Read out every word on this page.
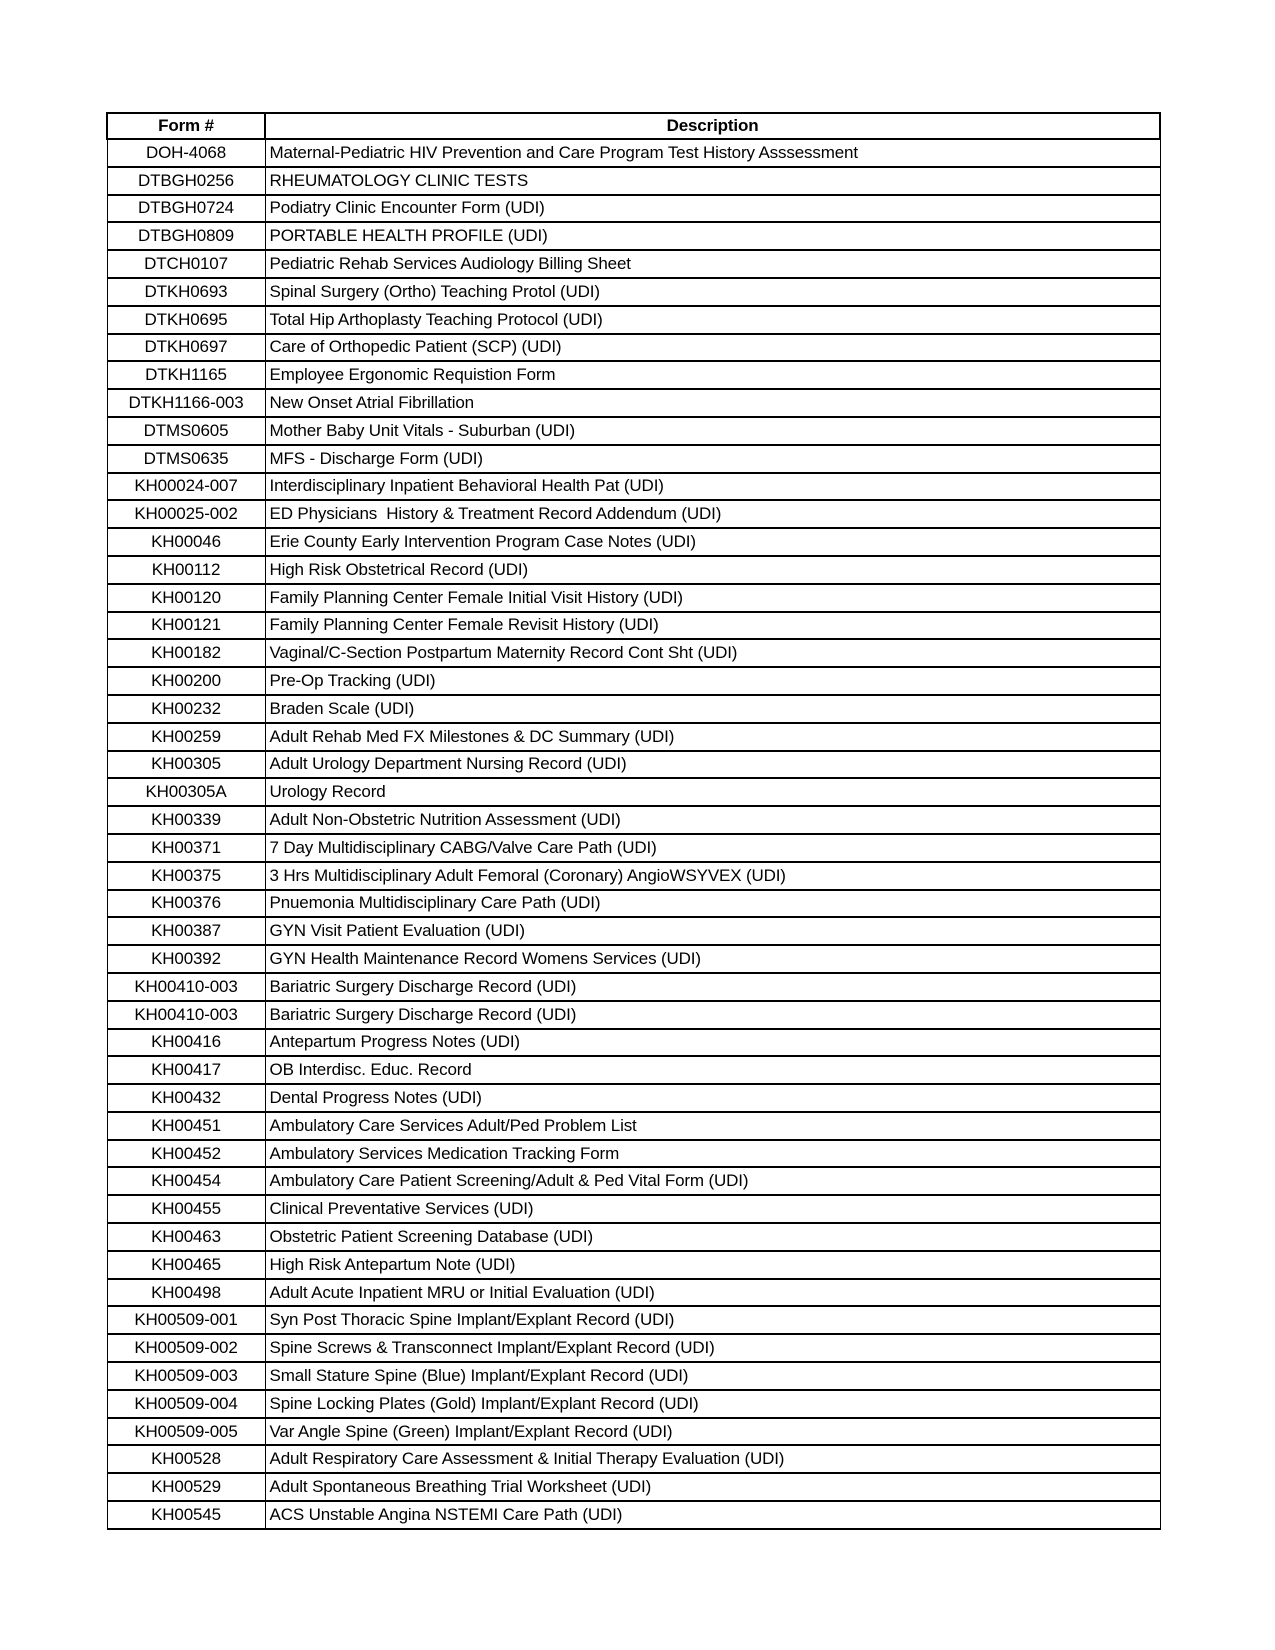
Form #	Description
DOH-4068	Maternal-Pediatric HIV Prevention and Care Program Test History Asssessment
DTBGH0256	RHEUMATOLOGY CLINIC TESTS
DTBGH0724	Podiatry Clinic Encounter Form (UDI)
DTBGH0809	PORTABLE HEALTH PROFILE (UDI)
DTCH0107	Pediatric Rehab Services Audiology Billing Sheet
DTKH0693	Spinal Surgery (Ortho) Teaching Protol (UDI)
DTKH0695	Total Hip Arthoplasty Teaching Protocol (UDI)
DTKH0697	Care of Orthopedic Patient (SCP) (UDI)
DTKH1165	Employee Ergonomic Requistion Form
DTKH1166-003	New Onset Atrial Fibrillation
DTMS0605	Mother Baby Unit Vitals - Suburban (UDI)
DTMS0635	MFS - Discharge Form (UDI)
KH00024-007	Interdisciplinary Inpatient Behavioral Health Pat (UDI)
KH00025-002	ED Physicians  History & Treatment Record Addendum (UDI)
KH00046	Erie County Early Intervention Program Case Notes (UDI)
KH00112	High Risk Obstetrical Record (UDI)
KH00120	Family Planning Center Female Initial Visit History (UDI)
KH00121	Family Planning Center Female Revisit History (UDI)
KH00182	Vaginal/C-Section Postpartum Maternity Record Cont Sht (UDI)
KH00200	Pre-Op Tracking (UDI)
KH00232	Braden Scale (UDI)
KH00259	Adult Rehab Med FX Milestones & DC Summary (UDI)
KH00305	Adult Urology Department Nursing Record (UDI)
KH00305A	Urology Record
KH00339	Adult Non-Obstetric Nutrition Assessment (UDI)
KH00371	7 Day Multidisciplinary CABG/Valve Care Path (UDI)
KH00375	3 Hrs Multidisciplinary Adult Femoral (Coronary) AngioWSYVEX (UDI)
KH00376	Pnuemonia Multidisciplinary Care Path (UDI)
KH00387	GYN Visit Patient Evaluation (UDI)
KH00392	GYN Health Maintenance Record Womens Services (UDI)
KH00410-003	Bariatric Surgery Discharge Record (UDI)
KH00410-003	Bariatric Surgery Discharge Record (UDI)
KH00416	Antepartum Progress Notes (UDI)
KH00417	OB Interdisc. Educ. Record
KH00432	Dental Progress Notes (UDI)
KH00451	Ambulatory Care Services Adult/Ped Problem List
KH00452	Ambulatory Services Medication Tracking Form
KH00454	Ambulatory Care Patient Screening/Adult & Ped Vital Form (UDI)
KH00455	Clinical Preventative Services (UDI)
KH00463	Obstetric Patient Screening Database (UDI)
KH00465	High Risk Antepartum Note (UDI)
KH00498	Adult Acute Inpatient MRU or Initial Evaluation (UDI)
KH00509-001	Syn Post Thoracic Spine Implant/Explant Record (UDI)
KH00509-002	Spine Screws & Transconnect Implant/Explant Record (UDI)
KH00509-003	Small Stature Spine (Blue) Implant/Explant Record (UDI)
KH00509-004	Spine Locking Plates (Gold) Implant/Explant Record (UDI)
KH00509-005	Var Angle Spine (Green) Implant/Explant Record (UDI)
KH00528	Adult Respiratory Care Assessment & Initial Therapy Evaluation (UDI)
KH00529	Adult Spontaneous Breathing Trial Worksheet (UDI)
KH00545	ACS Unstable Angina NSTEMI Care Path (UDI)
